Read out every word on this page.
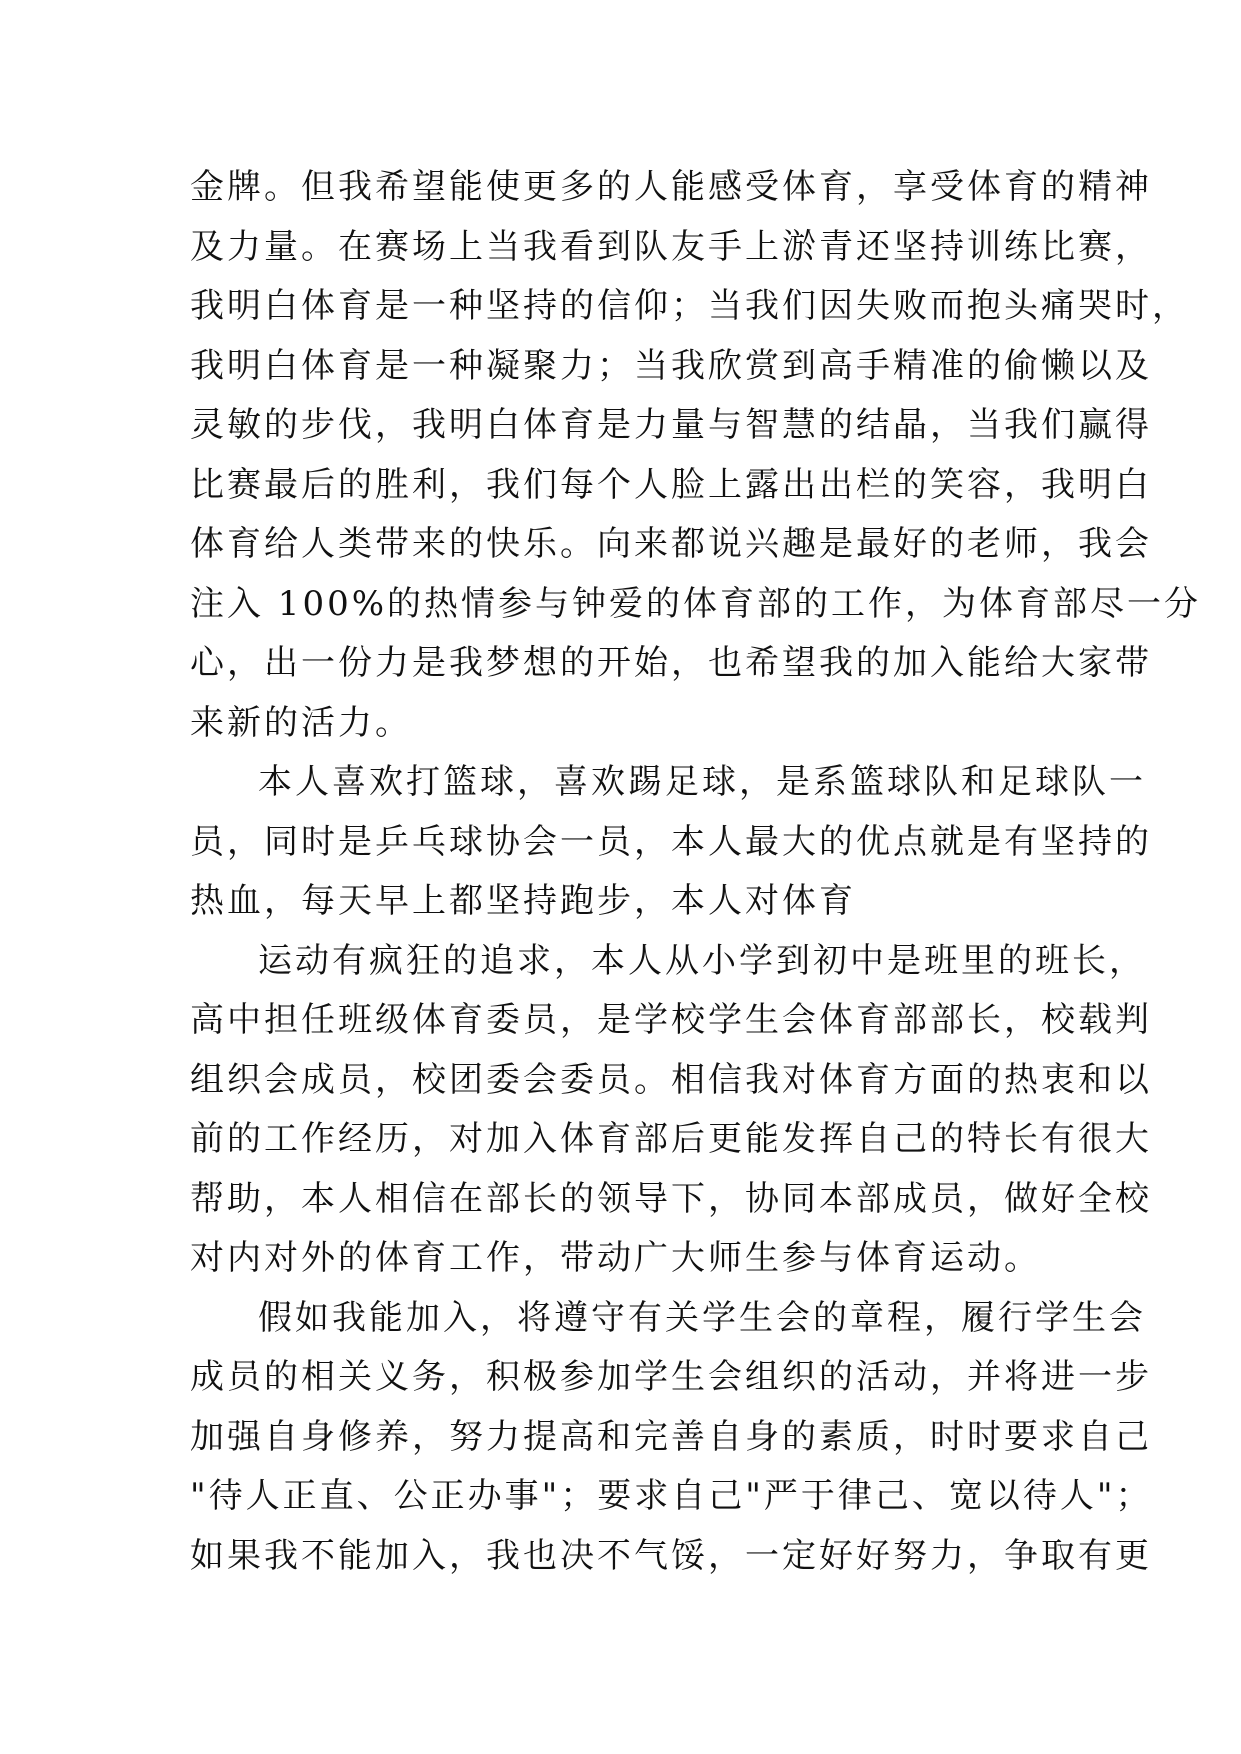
金牌。但我希望能使更多的人能感受体育，享受体育的精神
及力量。在赛场上当我看到队友手上淤青还坚持训练比赛，
我明白体育是一种坚持的信仰；当我们因失败而抱头痛哭时，
我明白体育是一种凝聚力；当我欣赏到高手精准的偷懒以及
灵敏的步伐，我明白体育是力量与智慧的结晶，当我们赢得
比赛最后的胜利，我们每个人脸上露出出栏的笑容，我明白
体育给人类带来的快乐。向来都说兴趣是最好的老师，我会
注入 100%的热情参与钟爱的体育部的工作，为体育部尽一分
心，出一份力是我梦想的开始，也希望我的加入能给大家带
来新的活力。
本人喜欢打篮球，喜欢踢足球，是系篮球队和足球队一
员，同时是乒乓球协会一员，本人最大的优点就是有坚持的
热血，每天早上都坚持跑步，本人对体育
运动有疯狂的追求，本人从小学到初中是班里的班长，
高中担任班级体育委员，是学校学生会体育部部长，校载判
组织会成员，校团委会委员。相信我对体育方面的热衷和以
前的工作经历，对加入体育部后更能发挥自己的特长有很大
帮助，本人相信在部长的领导下，协同本部成员，做好全校
对内对外的体育工作，带动广大师生参与体育运动。
假如我能加入，将遵守有关学生会的章程，履行学生会
成员的相关义务，积极参加学生会组织的活动，并将进一步
加强自身修养，努力提高和完善自身的素质，时时要求自己
"待人正直、公正办事"；要求自己"严于律己、宽以待人"；
如果我不能加入，我也决不气馁，一定好好努力，争取有更
